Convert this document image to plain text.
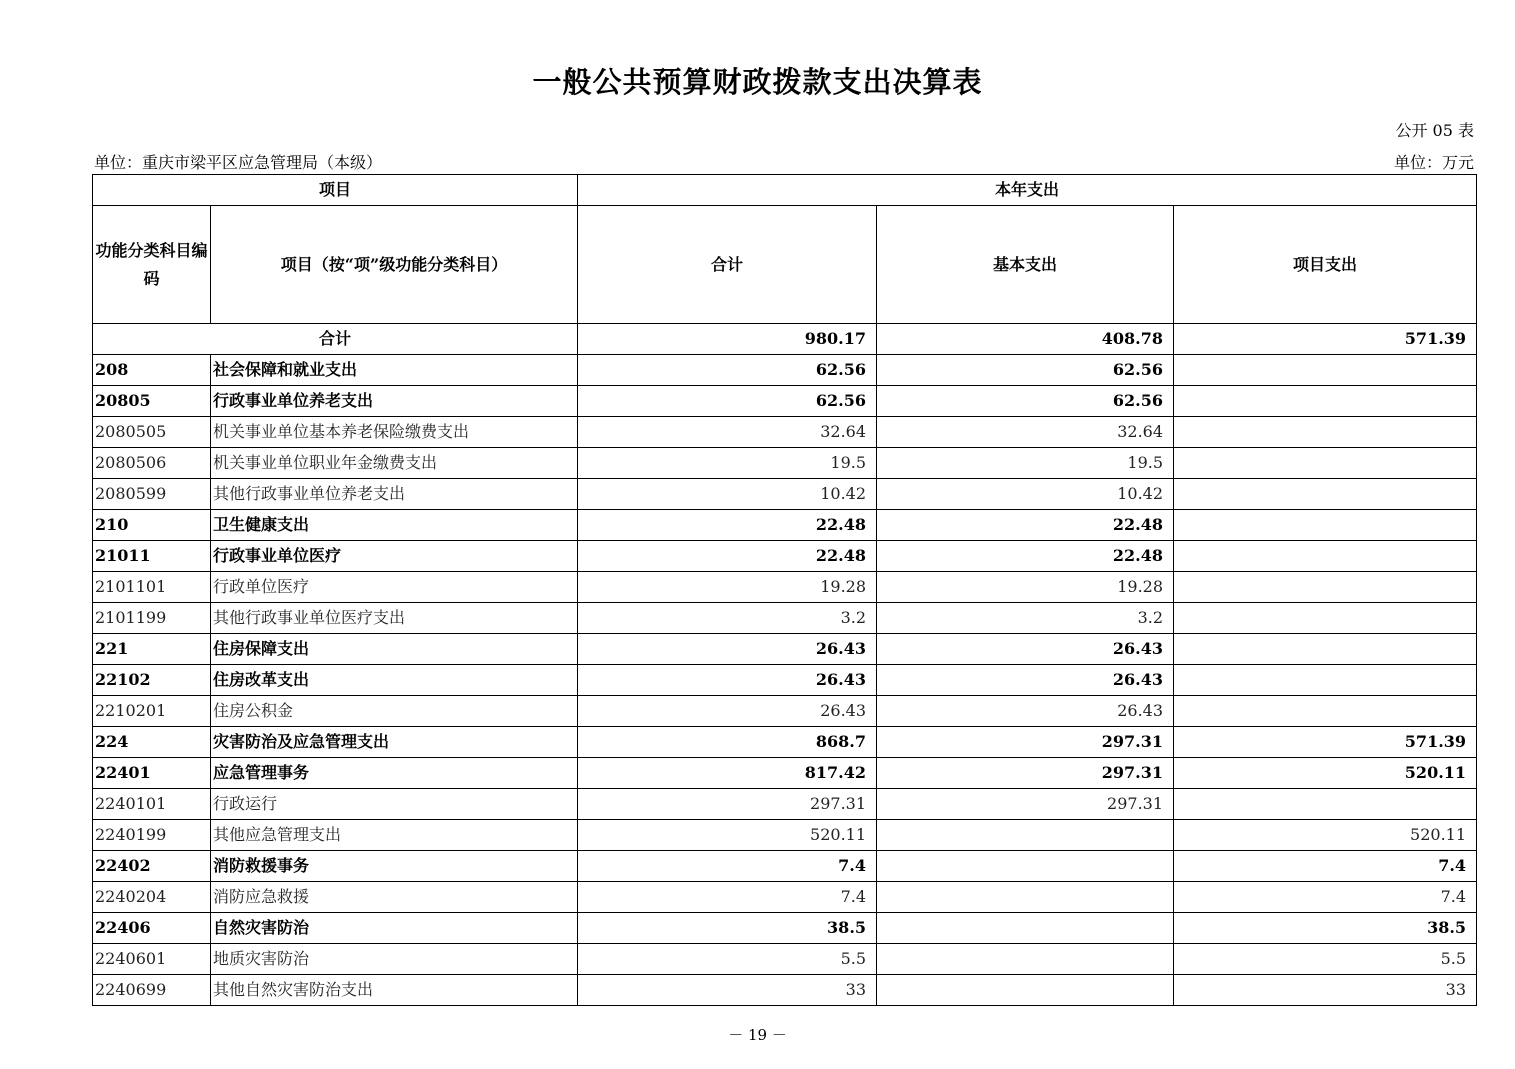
一般公共预算财政拨款支出决算表
公开 05 表
单位：重庆市梁平区应急管理局（本级）	单位：万元
项目		本年支出		
功能分类科目编码	项目（按“项”级功能分类科目）	合计	基本支出	项目支出
合计		980.17	408.78	571.39
208	社会保障和就业支出	62.56	62.56	
20805	行政事业单位养老支出	62.56	62.56	
2080505	机关事业单位基本养老保险缴费支出	32.64	32.64	
2080506	机关事业单位职业年金缴费支出	19.5	19.5	
2080599	其他行政事业单位养老支出	10.42	10.42	
210	卫生健康支出	22.48	22.48	
21011	行政事业单位医疗	22.48	22.48	
2101101	行政单位医疗	19.28	19.28	
2101199	其他行政事业单位医疗支出	3.2	3.2	
221	住房保障支出	26.43	26.43	
22102	住房改革支出	26.43	26.43	
2210201	住房公积金	26.43	26.43	
224	灾害防治及应急管理支出	868.7	297.31	571.39
22401	应急管理事务	817.42	297.31	520.11
2240101	行政运行	297.31	297.31	
2240199	其他应急管理支出	520.11		520.11
22402	消防救援事务	7.4		7.4
2240204	消防应急救援	7.4		7.4
22406	自然灾害防治	38.5		38.5
2240601	地质灾害防治	5.5		5.5
2240699	其他自然灾害防治支出	33		33
－ 19 －
